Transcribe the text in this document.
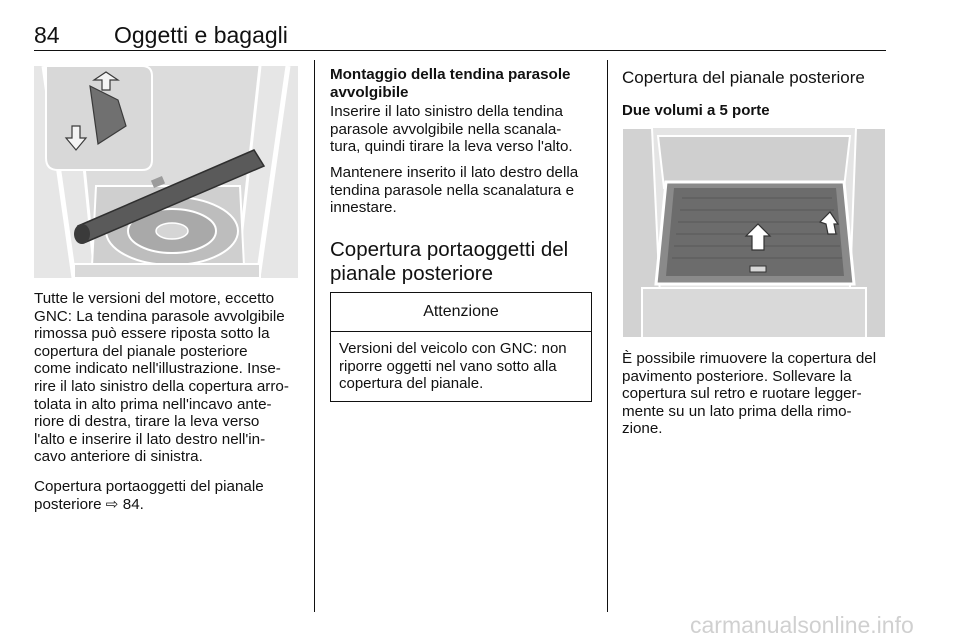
84 Oggetti e bagagli
Tutte le versioni del motore, eccetto
GNC: La tendina parasole avvolgibile
rimossa può essere riposta sotto la
copertura del pianale posteriore
come indicato nell'illustrazione. Inse-
rire il lato sinistro della copertura arro-
tolata in alto prima nell'incavo ante-
riore di destra, tirare la leva verso
l'alto e inserire il lato destro nell'in-
cavo anteriore di sinistra.
Copertura portaoggetti del pianale
posteriore ⇨ 84.
Montaggio della tendina parasole
avvolgibile
Inserire il lato sinistro della tendina
parasole avvolgibile nella scanala-
tura, quindi tirare la leva verso l'alto.
Mantenere inserito il lato destro della
tendina parasole nella scanalatura e
innestare.
Copertura portaoggetti del
pianale posteriore
Attenzione
Versioni del veicolo con GNC: non
riporre oggetti nel vano sotto alla
copertura del pianale.
Copertura del pianale posteriore
Due volumi a 5 porte
È possibile rimuovere la copertura del
pavimento posteriore. Sollevare la
copertura sul retro e ruotare legger-
mente su un lato prima della rimo-
zione.
carmanualsonline.info
